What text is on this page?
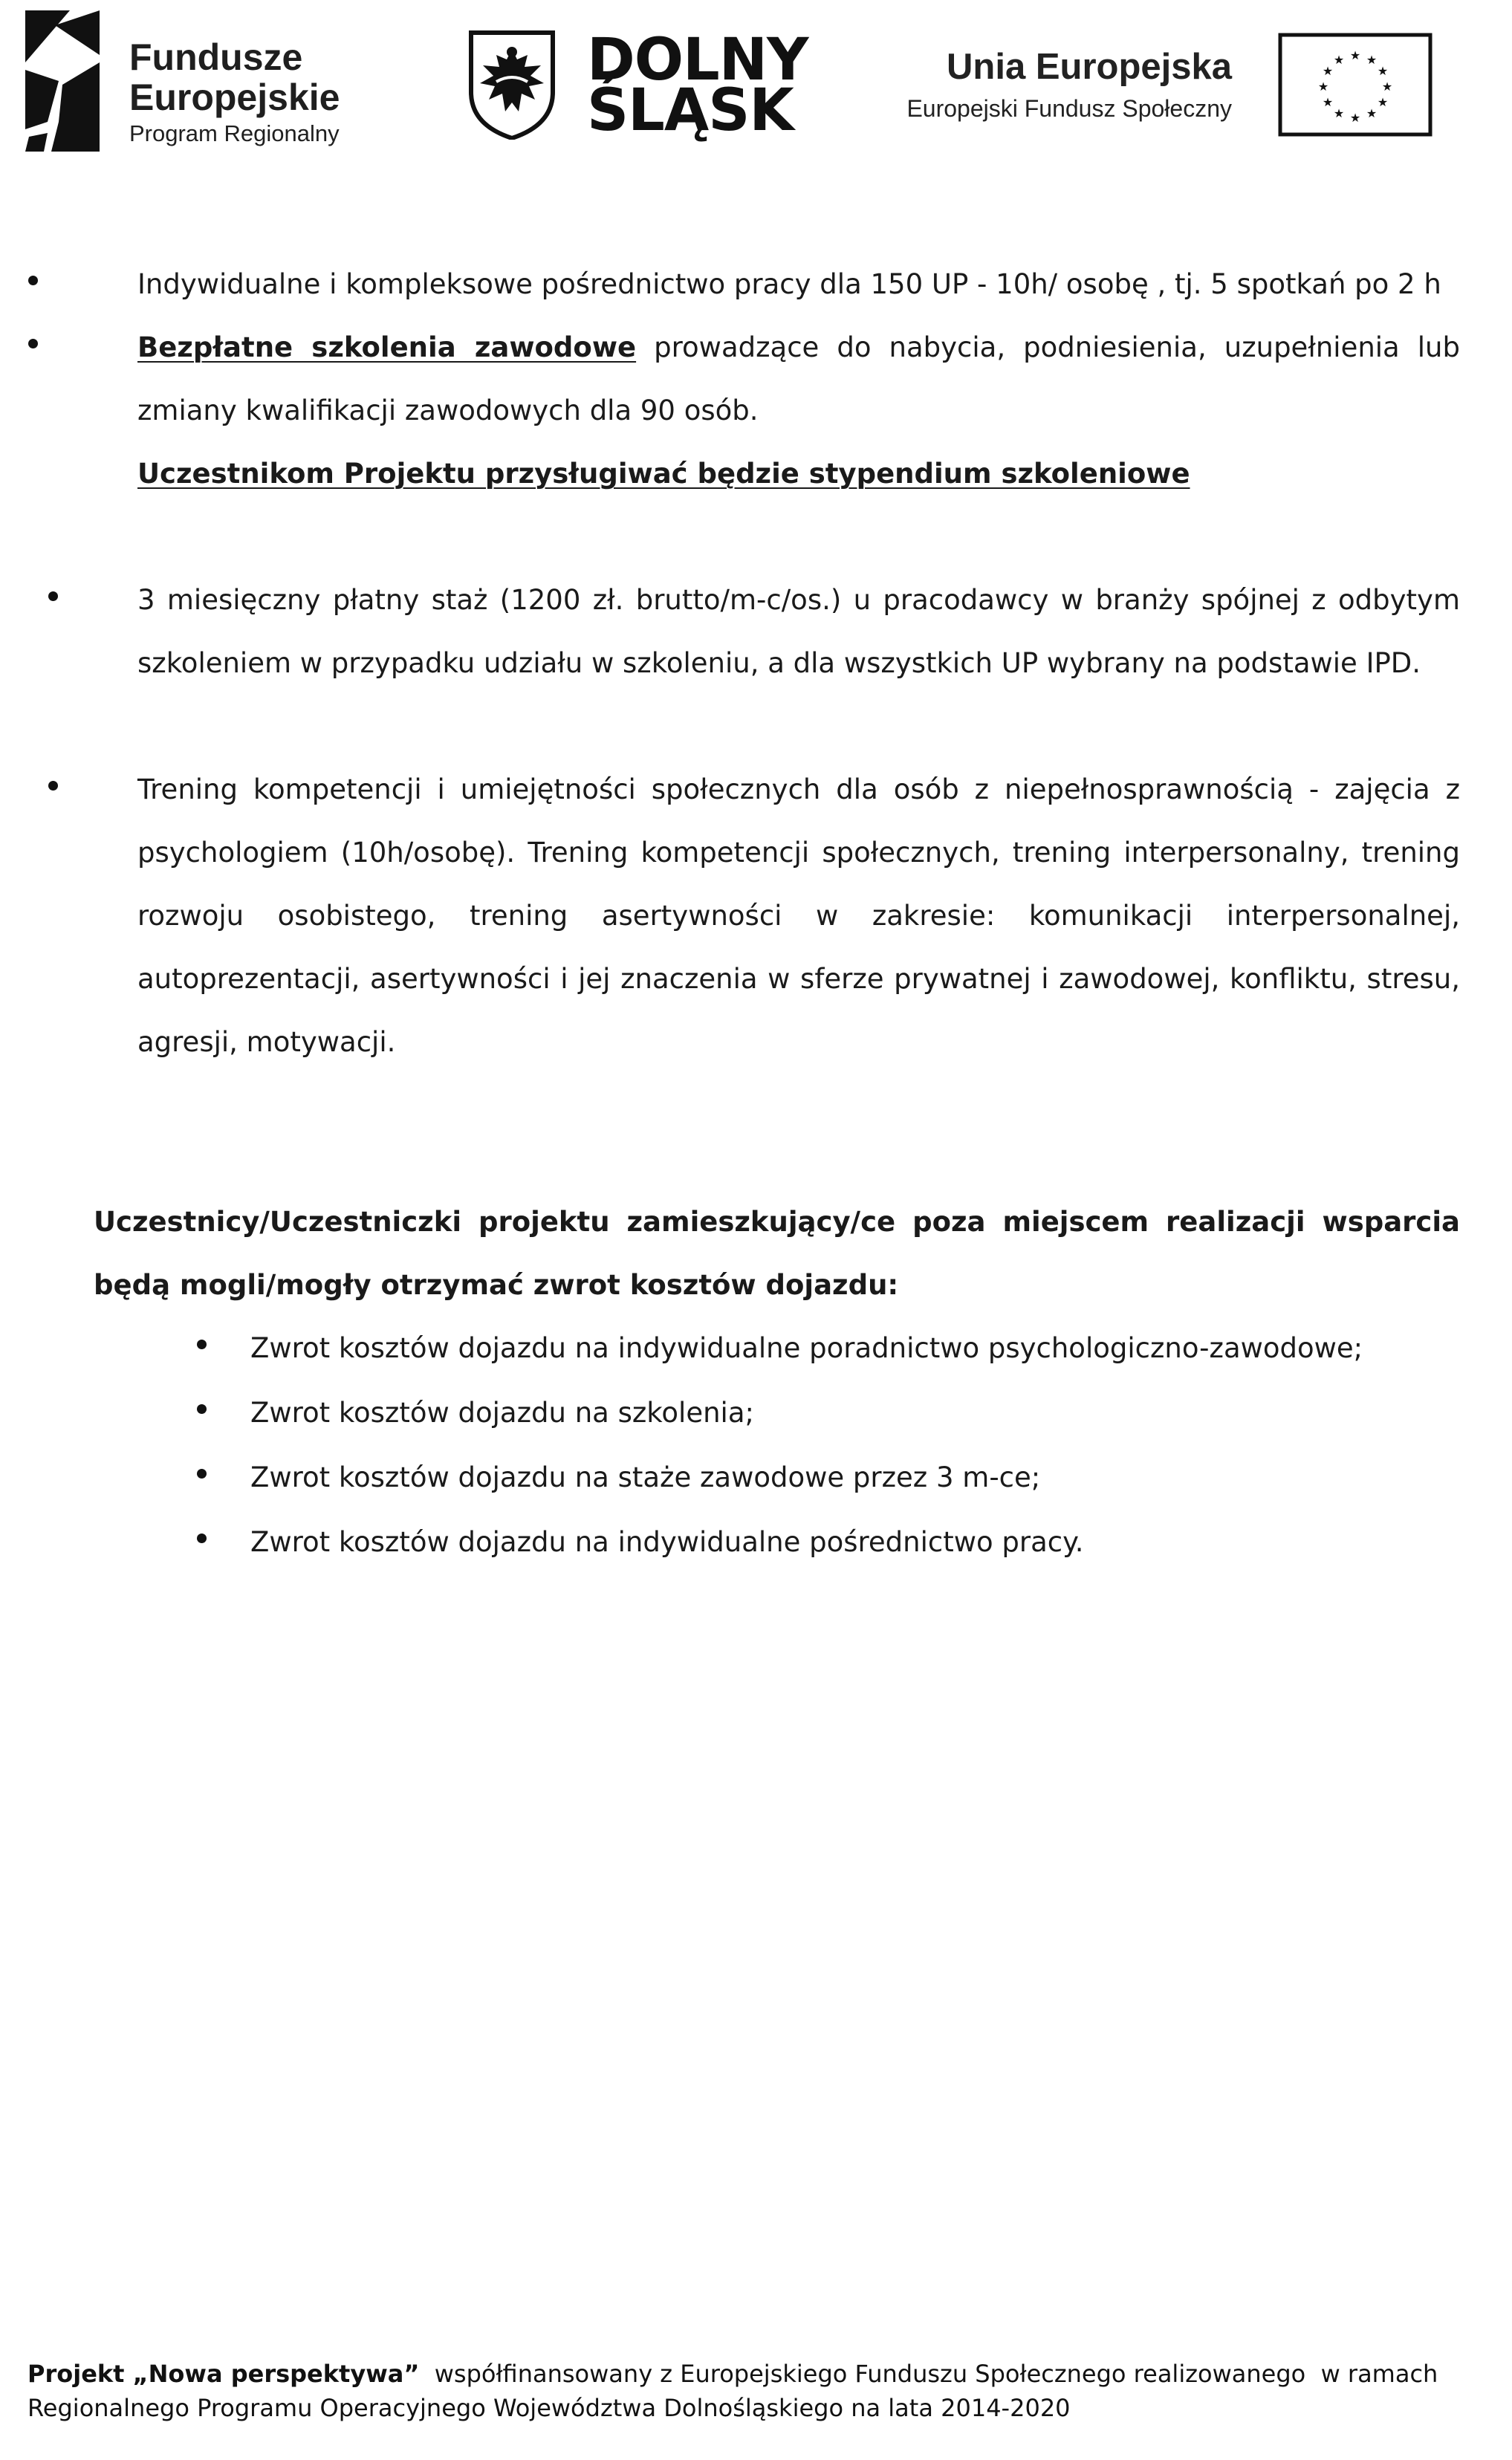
Fundusze
Europejskie
Program Regionalny
DOLNY
ŚLĄSK
Unia Europejska
Europejski Fundusz Społeczny
★ ★
★
★
★
★
★
★
★
★
★
★
Indywidualne i kompleksowe pośrednictwo pracy dla 150 UP - 10h/ osobę , tj. 5 spotkań po 2 h
Bezpłatne szkolenia zawodowe prowadzące do nabycia, podniesienia, uzupełnienia lub zmiany kwalifikacji zawodowych dla 90 osób.
Uczestnikom Projektu przysługiwać będzie stypendium szkoleniowe
3 miesięczny płatny staż (1200 zł. brutto/m-c/os.) u pracodawcy w branży spójnej z odbytym szkoleniem w przypadku udziału w szkoleniu, a dla wszystkich UP wybrany na podstawie IPD.
Trening kompetencji i umiejętności społecznych dla osób z niepełnosprawnością - zajęcia z psychologiem (10h/osobę). Trening kompetencji społecznych, trening interpersonalny, trening rozwoju osobistego, trening asertywności w zakresie: komunikacji interpersonalnej, autoprezentacji, asertywności i jej znaczenia w sferze prywatnej i zawodowej, konfliktu, stresu, agresji, motywacji.
Uczestnicy/Uczestniczki projektu zamieszkujący/ce poza miejscem realizacji wsparcia będą mogli/mogły otrzymać zwrot kosztów dojazdu:
Zwrot kosztów dojazdu na indywidualne poradnictwo psychologiczno-zawodowe;
Zwrot kosztów dojazdu na szkolenia;
Zwrot kosztów dojazdu na staże zawodowe przez 3 m-ce;
Zwrot kosztów dojazdu na indywidualne pośrednictwo pracy.
Projekt „Nowa perspektywa”  współfinansowany z Europejskiego Funduszu Społecznego realizowanego  w ramach
Regionalnego Programu Operacyjnego Województwa Dolnośląskiego na lata 2014-2020
